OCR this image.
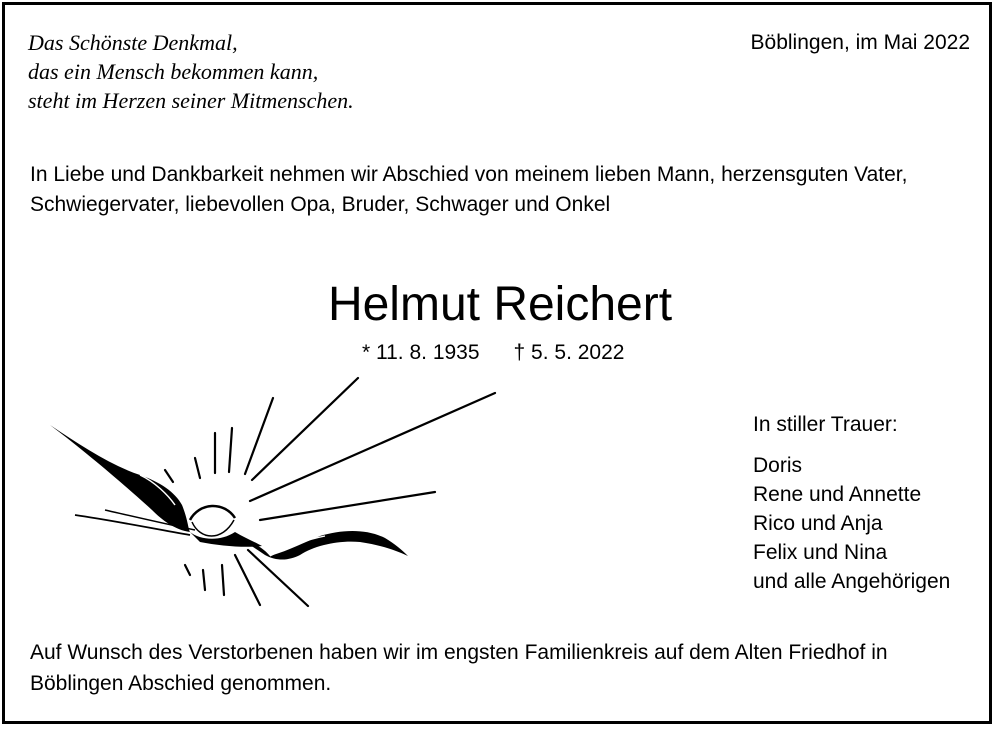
Das Schönste Denkmal,
das ein Mensch bekommen kann,
steht im Herzen seiner Mitmenschen.
Böblingen, im Mai 2022
In Liebe und Dankbarkeit nehmen wir Abschied von meinem lieben Mann, herzensguten Vater,
Schwiegervater, liebevollen Opa, Bruder, Schwager und Onkel
Helmut Reichert
* 11. 8. 1935 † 5. 5. 2022
In stiller Trauer:
Doris
Rene und Annette
Rico und Anja
Felix und Nina
und alle Angehörigen
Auf Wunsch des Verstorbenen haben wir im engsten Familienkreis auf dem Alten Friedhof in
Böblingen Abschied genommen.
